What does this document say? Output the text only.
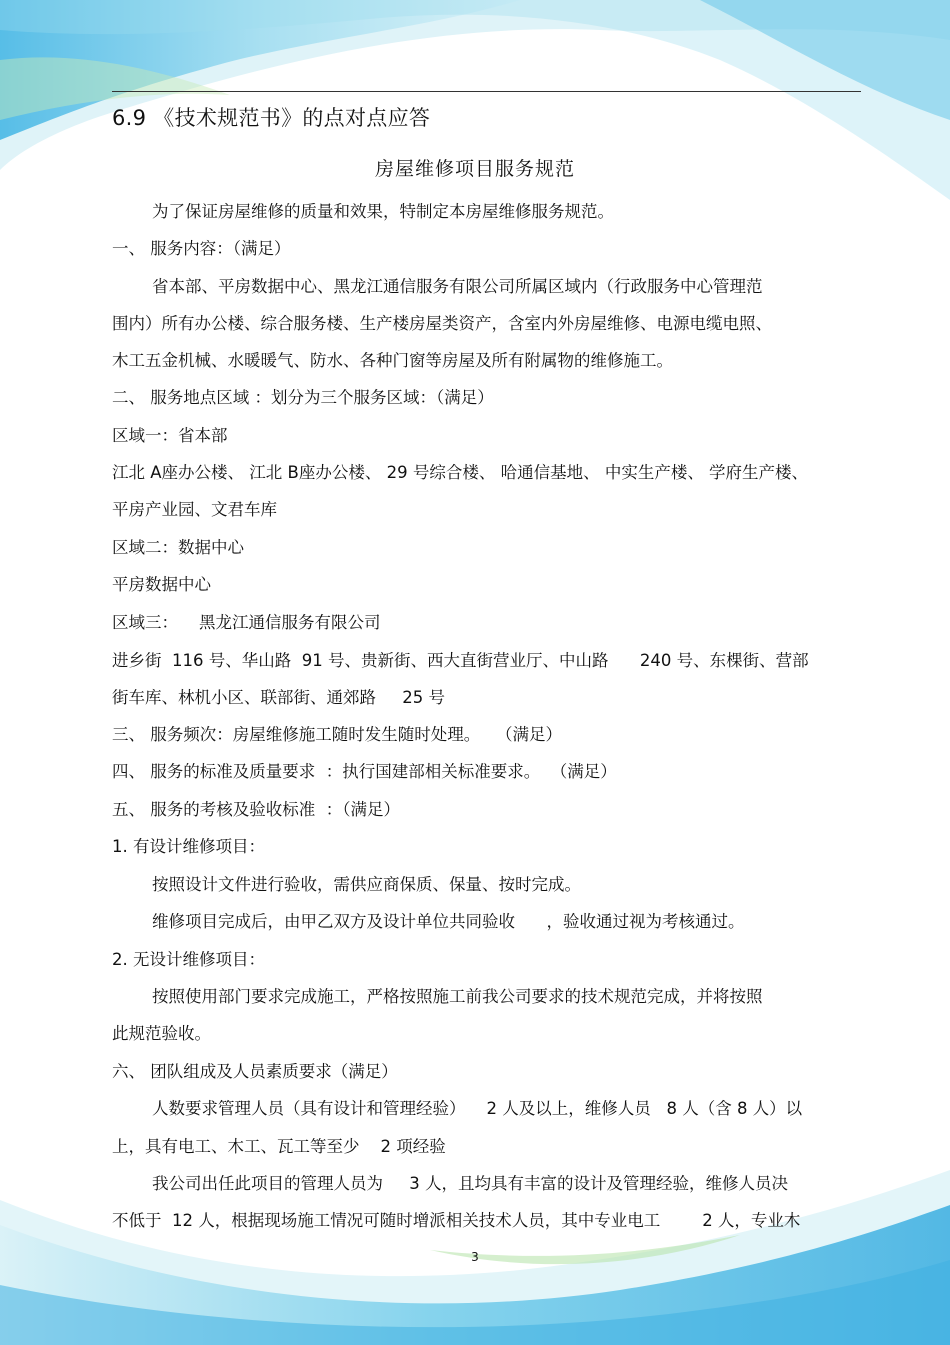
6.9 《技术规范书》的点对点应答
房屋维修项目服务规范
为了保证房屋维修的质量和效果，特制定本房屋维修服务规范。
一、 服务内容：（满足）
省本部、平房数据中心、黑龙江通信服务有限公司所属区域内（行政服务中心管理范
围内）所有办公楼、综合服务楼、生产楼房屋类资产，含室内外房屋维修、电源电缆电照、
木工五金机械、水暖暖气、防水、各种门窗等房屋及所有附属物的维修施工。
二、 服务地点区域 ：划分为三个服务区域：（满足）
区域一：省本部
江北 A座办公楼、 江北 B座办公楼、 29 号综合楼、 哈通信基地、 中实生产楼、 学府生产楼、
平房产业园、文君车库
区域二：数据中心
平房数据中心
区域三：    黑龙江通信服务有限公司
进乡街  116 号、华山路  91 号、贵新街、西大直街营业厅、中山路      240 号、东棵街、营部
街车库、林机小区、联部街、通郊路     25 号
三、 服务频次：房屋维修施工随时发生随时处理。   （满足）
四、 服务的标准及质量要求  ：执行国建部相关标准要求。  （满足）
五、 服务的考核及验收标准  ：（满足）
1. 有设计维修项目：
按照设计文件进行验收，需供应商保质、保量、按时完成。
维修项目完成后，由甲乙双方及设计单位共同验收      ，验收通过视为考核通过。
2. 无设计维修项目：
按照使用部门要求完成施工，严格按照施工前我公司要求的技术规范完成，并将按照
此规范验收。
六、 团队组成及人员素质要求（满足）
人数要求管理人员（具有设计和管理经验）    2 人及以上，维修人员   8 人（含 8 人）以
上，具有电工、木工、瓦工等至少    2 项经验
我公司出任此项目的管理人员为     3 人，且均具有丰富的设计及管理经验，维修人员决
不低于  12 人，根据现场施工情况可随时增派相关技术人员，其中专业电工        2 人，专业木
3
